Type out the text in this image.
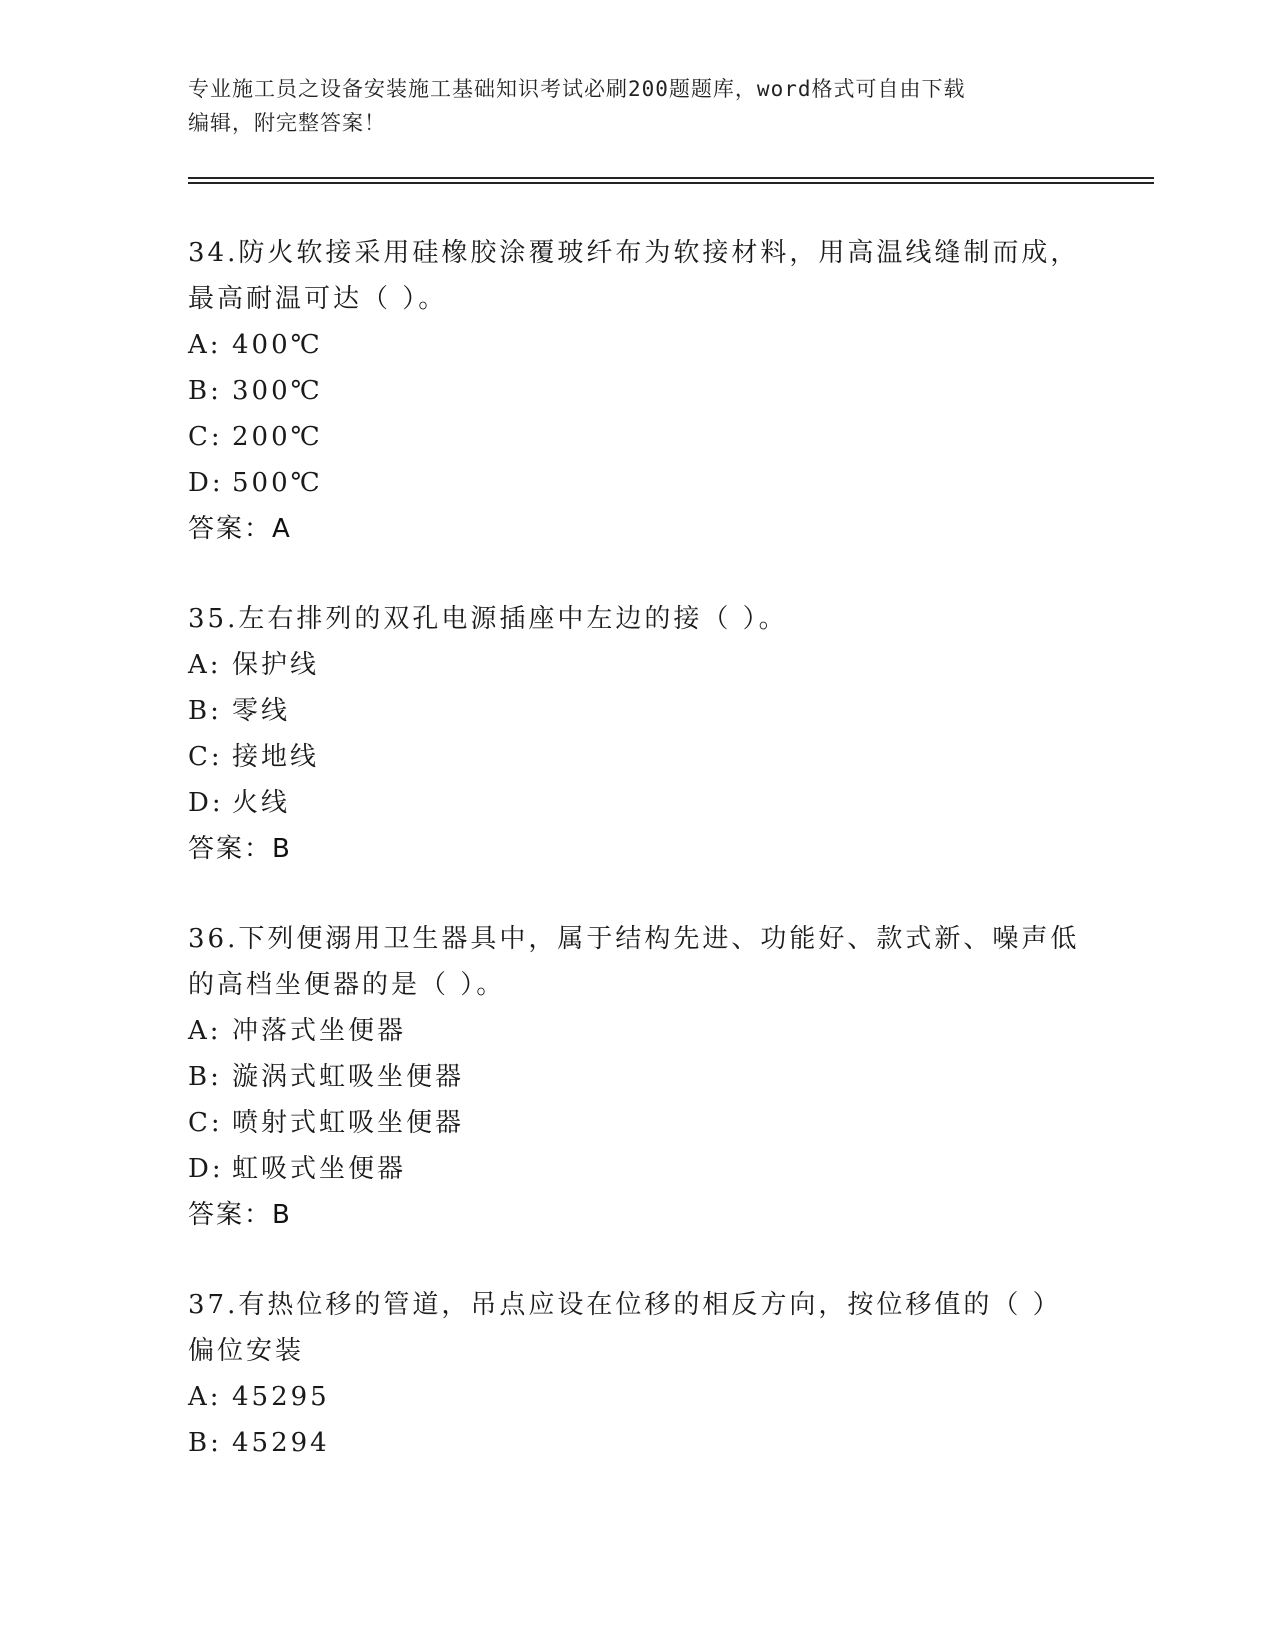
专业施工员之设备安装施工基础知识考试必刷200题题库，word格式可自由下载
编辑，附完整答案！

34.防火软接采用硅橡胶涂覆玻纤布为软接材料，用高温线缝制而成，

最高耐温可达（ ）。

A: 400℃

B: 300℃

C: 200℃

D: 500℃

答案：A

35.左右排列的双孔电源插座中左边的接（ ）。

A: 保护线

B: 零线

C: 接地线

D: 火线

答案：B

36.下列便溺用卫生器具中，属于结构先进、功能好、款式新、噪声低

的高档坐便器的是（ ）。

A: 冲落式坐便器

B: 漩涡式虹吸坐便器

C: 喷射式虹吸坐便器

D: 虹吸式坐便器

答案：B

37.有热位移的管道，吊点应设在位移的相反方向，按位移值的（ ）

偏位安装

A: 45295

B: 45294
